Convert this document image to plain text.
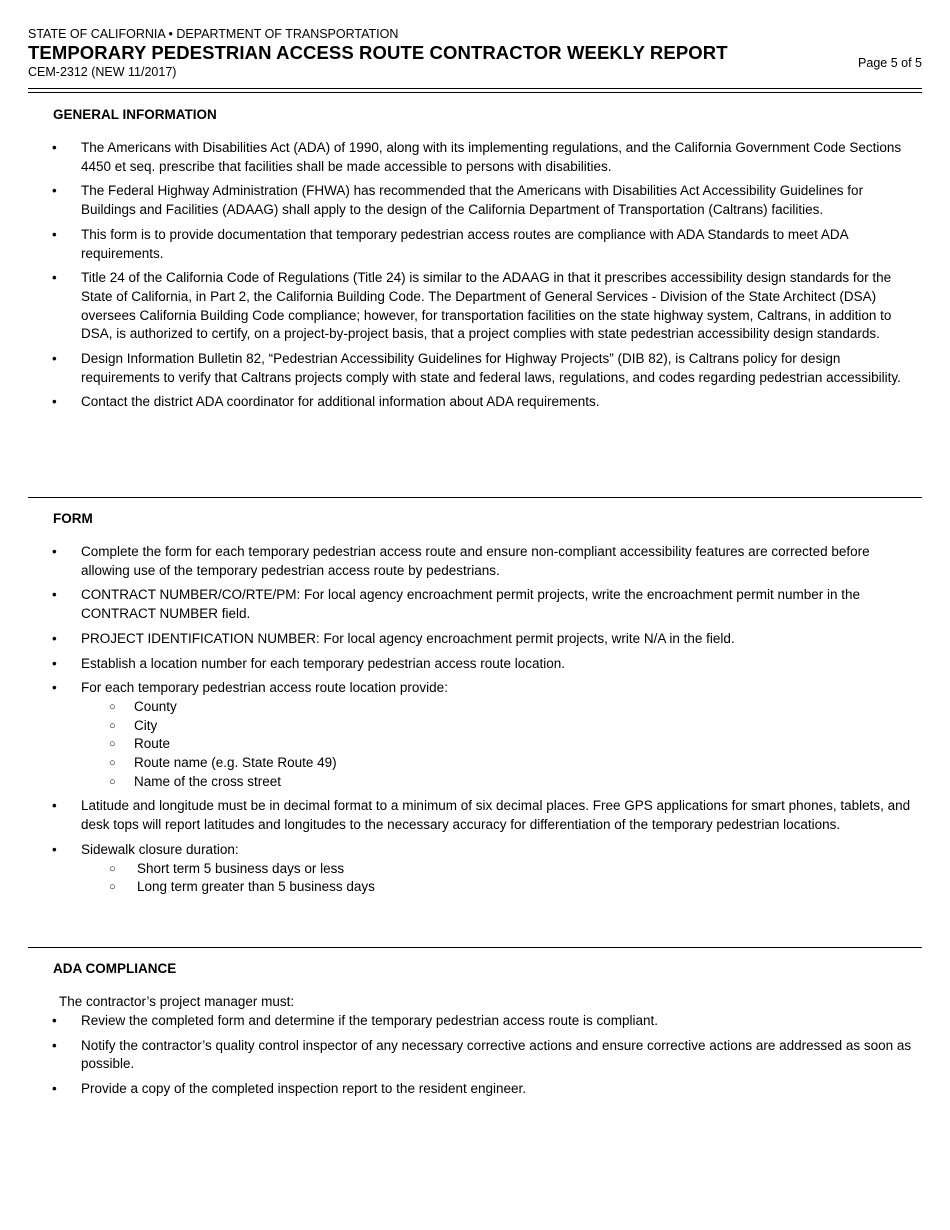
STATE OF CALIFORNIA • DEPARTMENT OF TRANSPORTATION
TEMPORARY PEDESTRIAN ACCESS ROUTE CONTRACTOR WEEKLY REPORT
CEM-2312 (NEW 11/2017)
Page 5 of 5
GENERAL INFORMATION
• The Americans with Disabilities Act (ADA) of 1990, along with its implementing regulations, and the California Government Code Sections 4450 et seq. prescribe that facilities shall be made accessible to persons with disabilities.
• The Federal Highway Administration (FHWA) has recommended that the Americans with Disabilities Act Accessibility Guidelines for Buildings and Facilities (ADAAG) shall apply to the design of the California Department of Transportation (Caltrans) facilities.
• This form is to provide documentation that temporary pedestrian access routes are compliance with ADA Standards to meet ADA requirements.
• Title 24 of the California Code of Regulations (Title 24) is similar to the ADAAG in that it prescribes accessibility design standards for the State of California, in Part 2, the California Building Code. The Department of General Services - Division of the State Architect (DSA) oversees California Building Code compliance; however, for transportation facilities on the state highway system, Caltrans, in addition to DSA, is authorized to certify, on a project-by-project basis, that a project complies with state pedestrian accessibility design standards.
• Design Information Bulletin 82, “Pedestrian Accessibility Guidelines for Highway Projects” (DIB 82), is Caltrans policy for design requirements to verify that Caltrans projects comply with state and federal laws, regulations, and codes regarding pedestrian accessibility.
• Contact the district ADA coordinator for additional information about ADA requirements.
FORM
• Complete the form for each temporary pedestrian access route and ensure non-compliant accessibility features are corrected before allowing use of the temporary pedestrian access route by pedestrians.
• CONTRACT NUMBER/CO/RTE/PM: For local agency encroachment permit projects, write the encroachment permit number in the CONTRACT NUMBER field.
• PROJECT IDENTIFICATION NUMBER: For local agency encroachment permit projects, write N/A in the field.
• Establish a location number for each temporary pedestrian access route location.
• For each temporary pedestrian access route location provide:
○ County
○ City
○ Route
○ Route name (e.g. State Route 49)
○ Name of the cross street
• Latitude and longitude must be in decimal format to a minimum of six decimal places. Free GPS applications for smart phones, tablets, and desk tops will report latitudes and longitudes to the necessary accuracy for differentiation of the temporary pedestrian locations.
• Sidewalk closure duration:
○ Short term 5 business days or less
○ Long term greater than 5 business days
ADA COMPLIANCE
The contractor’s project manager must:
• Review the completed form and determine if the temporary pedestrian access route is compliant.
• Notify the contractor’s quality control inspector of any necessary corrective actions and ensure corrective actions are addressed as soon as possible.
• Provide a copy of the completed inspection report to the resident engineer.
